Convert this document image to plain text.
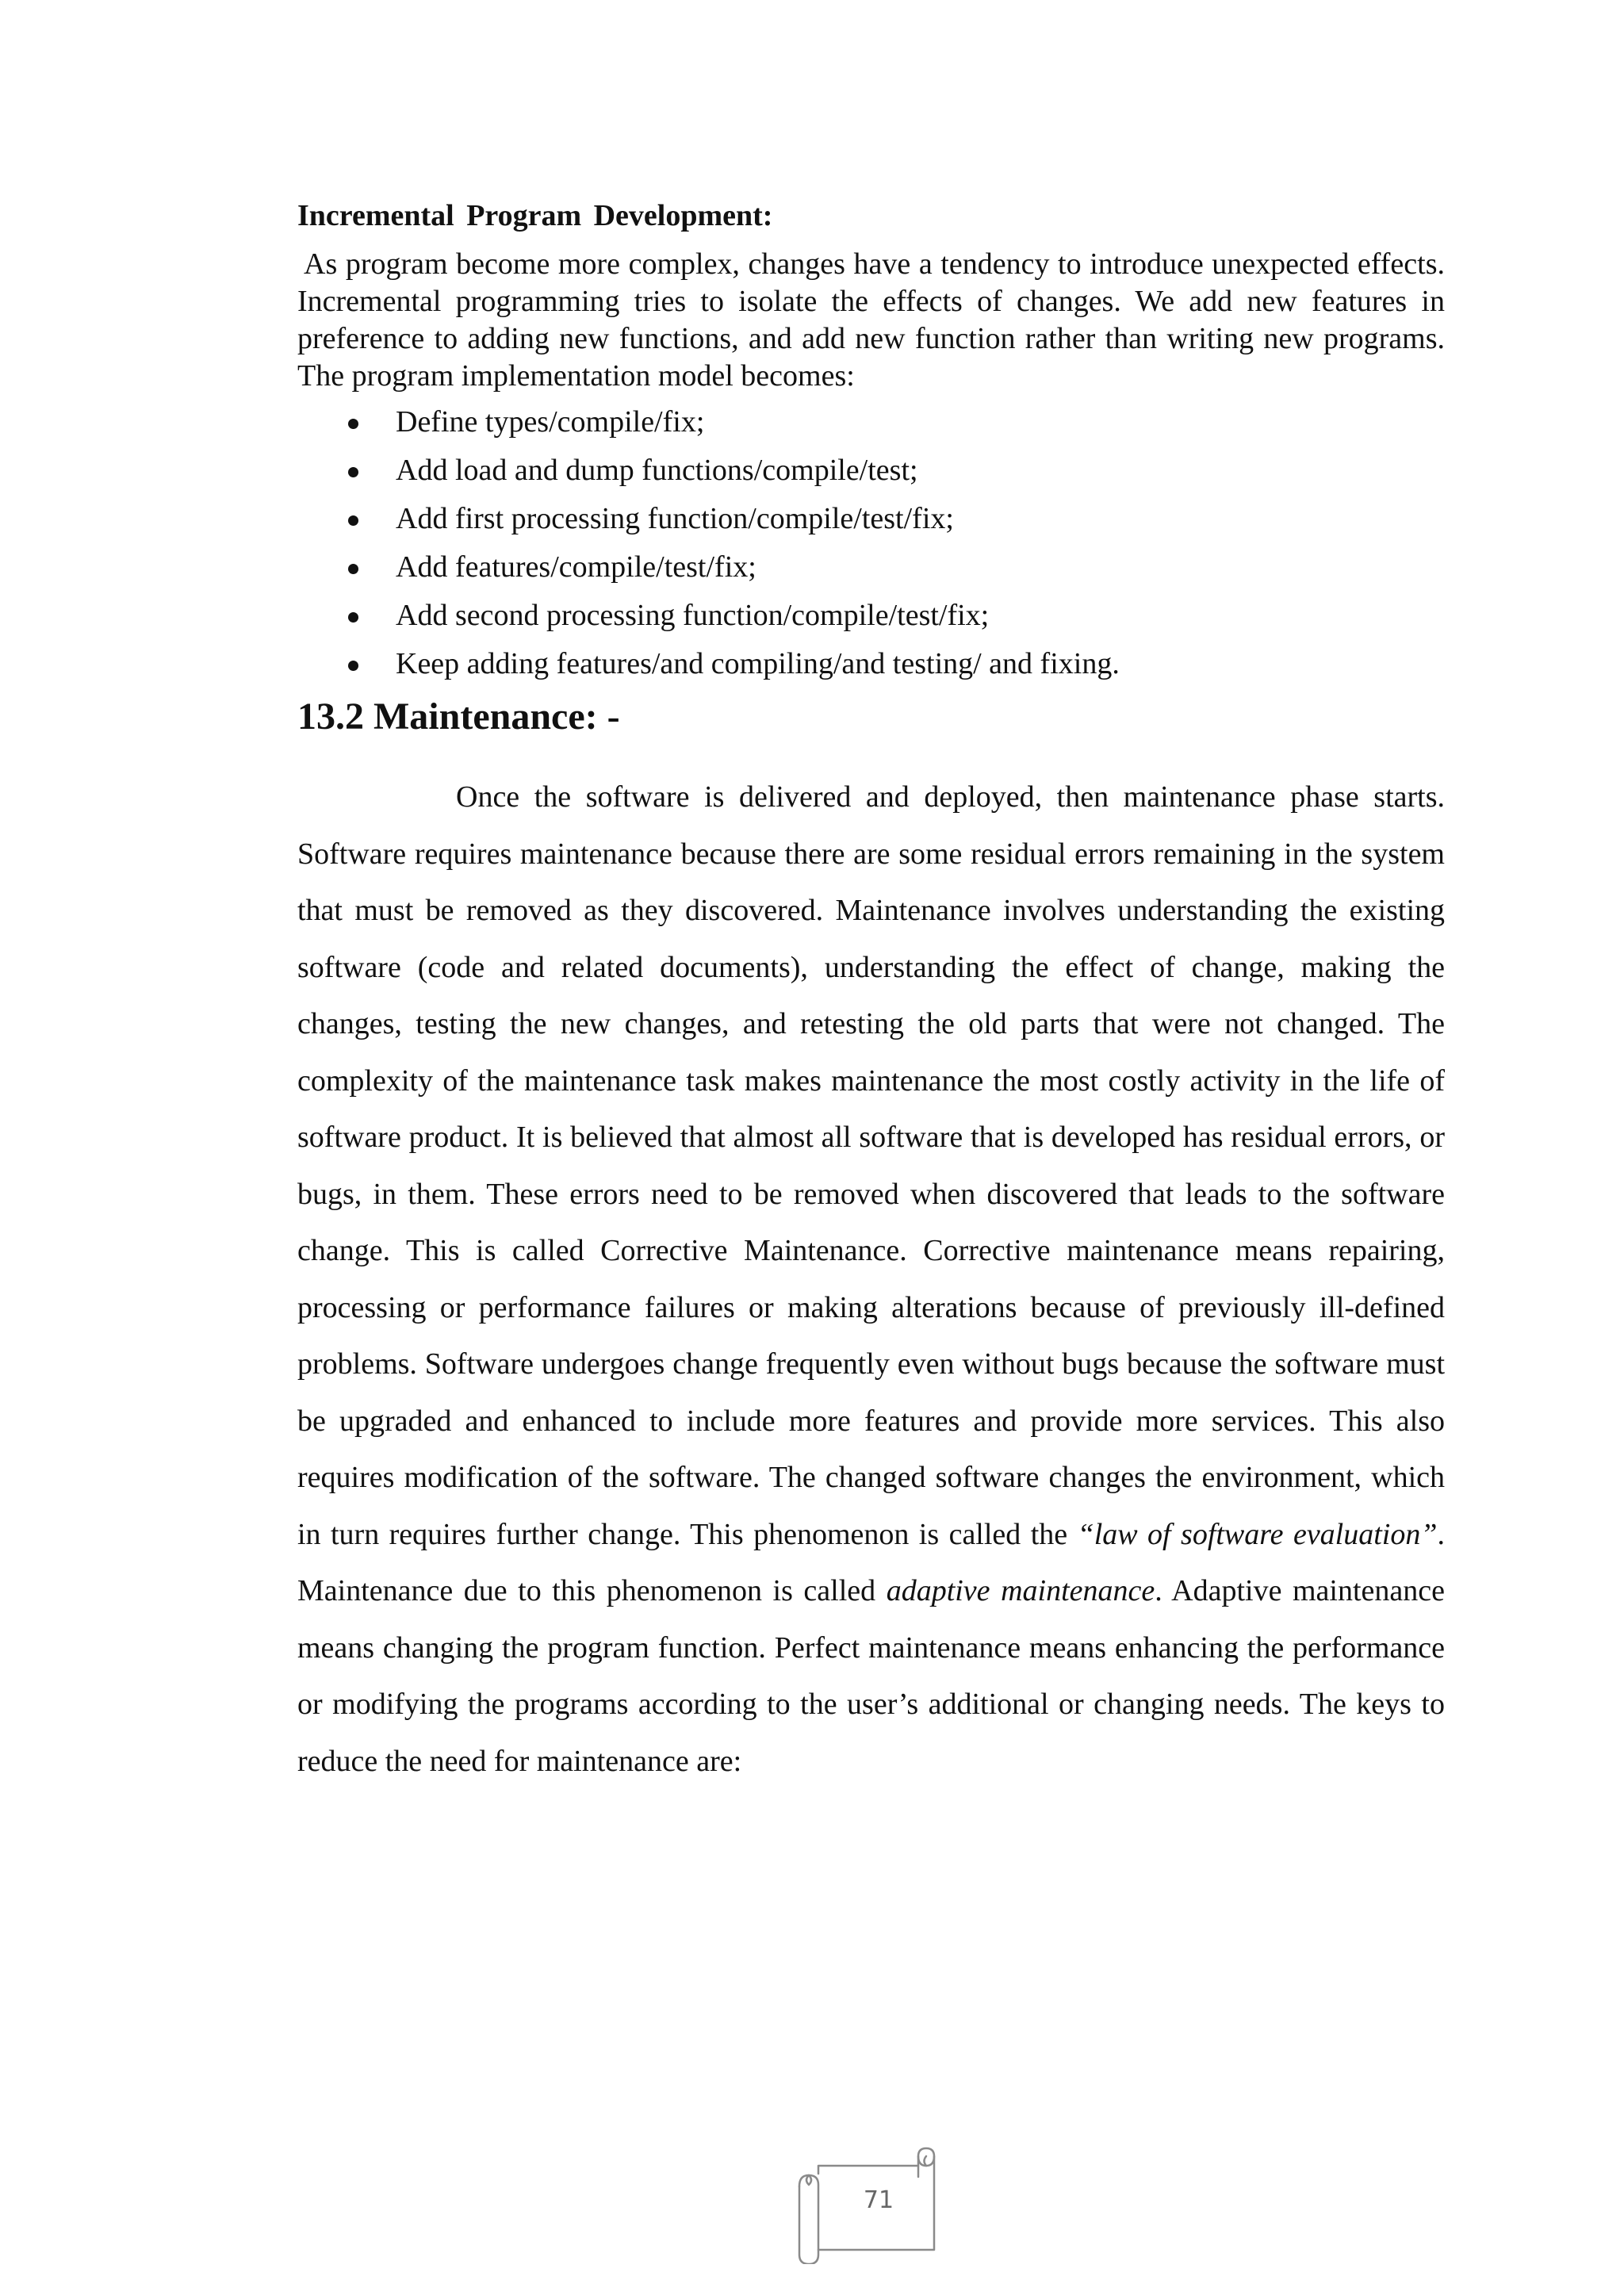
Incremental Program Development:

As program become more complex, changes have a tendency to introduce unexpected effects. Incremental programming tries to isolate the effects of changes. We add new features in preference to adding new functions, and add new function rather than writing new programs. The program implementation model becomes:

Define types/compile/fix;
Add load and dump functions/compile/test;
Add first processing function/compile/test/fix;
Add features/compile/test/fix;
Add second processing function/compile/test/fix;
Keep adding features/and compiling/and testing/ and fixing.
13.2 Maintenance: -

Once the software is delivered and deployed, then maintenance phase starts. Software requires maintenance because there are some residual errors remaining in the system that must be removed as they discovered. Maintenance involves understanding the existing software (code and related documents), understanding the effect of change, making the changes, testing the new changes, and retesting the old parts that were not changed. The complexity of the maintenance task makes maintenance the most costly activity in the life of software product. It is believed that almost all software that is developed has residual errors, or bugs, in them. These errors need to be removed when discovered that leads to the software change. This is called Corrective Maintenance. Corrective maintenance means repairing, processing or performance failures or making alterations because of previously ill-defined problems. Software undergoes change frequently even without bugs because the software must be upgraded and enhanced to include more features and provide more services. This also requires modification of the software. The changed software changes the environment, which in turn requires further change. This phenomenon is called the “law of software evaluation”. Maintenance due to this phenomenon is called adaptive maintenance. Adaptive maintenance means changing the program function. Perfect maintenance means enhancing the performance or modifying the programs according to the user’s additional or changing needs. The keys to reduce the need for maintenance are:

71
